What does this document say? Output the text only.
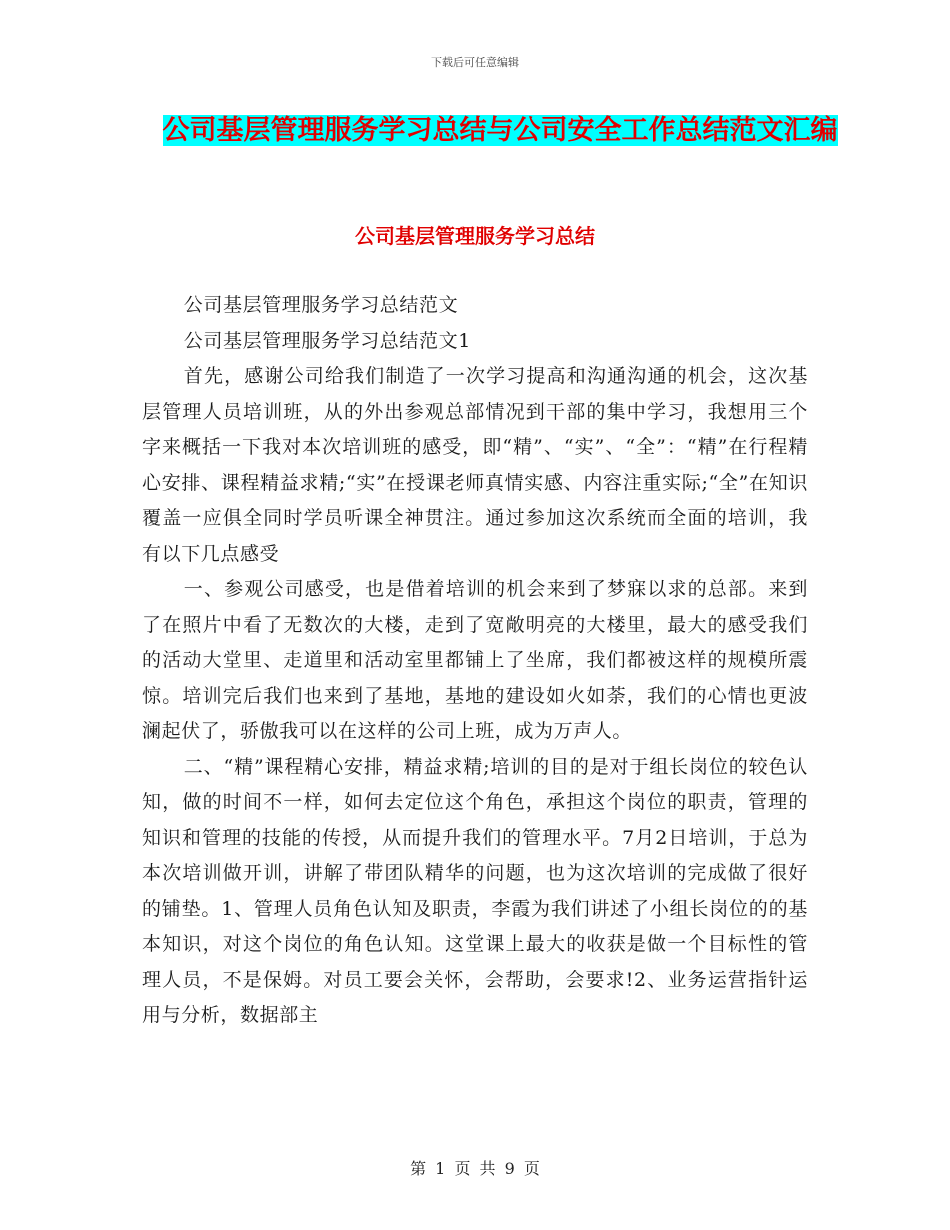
下载后可任意编辑
公司基层管理服务学习总结与公司安全工作总结范文汇编
公司基层管理服务学习总结

公司基层管理服务学习总结范文

公司基层管理服务学习总结范文1

首先，感谢公司给我们制造了一次学习提高和沟通沟通的机会，这次基层管理人员培训班，从的外出参观总部情况到干部的集中学习，我想用三个字来概括一下我对本次培训班的感受，即“精”、“实”、“全”：“精”在行程精心安排、课程精益求精;“实”在授课老师真情实感、内容注重实际;“全”在知识覆盖一应俱全同时学员听课全神贯注。通过参加这次系统而全面的培训，我有以下几点感受

一、参观公司感受，也是借着培训的机会来到了梦寐以求的总部。来到了在照片中看了无数次的大楼，走到了宽敞明亮的大楼里，最大的感受我们的活动大堂里、走道里和活动室里都铺上了坐席，我们都被这样的规模所震惊。培训完后我们也来到了基地，基地的建设如火如荼，我们的心情也更波澜起伏了，骄傲我可以在这样的公司上班，成为万声人。

二、“精”课程精心安排，精益求精;培训的目的是对于组长岗位的较色认知，做的时间不一样，如何去定位这个角色，承担这个岗位的职责，管理的知识和管理的技能的传授，从而提升我们的管理水平。7月2日培训，于总为本次培训做开训，讲解了带团队精华的问题，也为这次培训的完成做了很好的铺垫。1、管理人员角色认知及职责，李霞为我们讲述了小组长岗位的的基本知识，对这个岗位的角色认知。这堂课上最大的收获是做一个目标性的管理人员，不是保姆。对员工要会关怀，会帮助，会要求!2、业务运营指针运用与分析，数据部主

第 1 页 共 9 页
